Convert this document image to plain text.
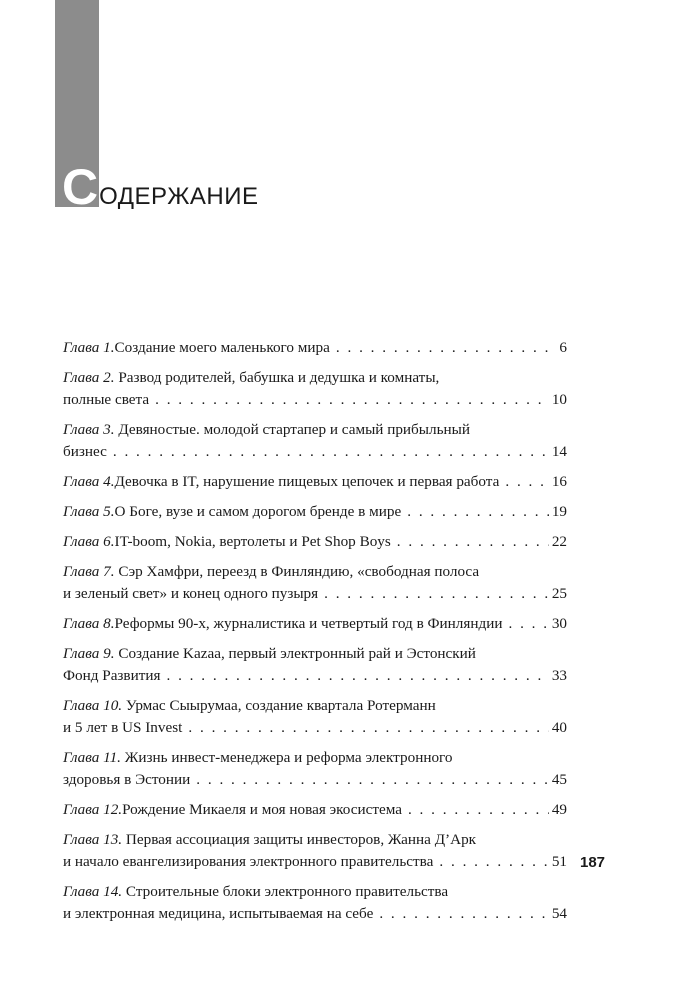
СОДЕРЖАНИЕ
Глава 1. Создание моего маленького мира . . .	6
Глава 2. Развод родителей, бабушка и дедушка и комнаты,
полные света . . .	10
Глава 3. Девяностые. молодой стартапер и самый прибыльный
бизнес . . .	14
Глава 4. Девочка в IT, нарушение пищевых цепочек и первая работа . . .	16
Глава 5. О Боге, вузе и самом дорогом бренде в мире . . .	19
Глава 6. IT-boom, Nokia, вертолеты и Pet Shop Boys . . .	22
Глава 7. Сэр Хамфри, переезд в Финляндию, «свободная полоса
и зеленый свет» и конец одного пузыря . . .	25
Глава 8. Реформы 90-х, журналистика и четвертый год в Финляндии . . .	30
Глава 9. Создание Kazaa, первый электронный рай и Эстонский
Фонд Развития . . .	33
Глава 10. Урмас Сыырумаа, создание квартала Ротерманн
и 5 лет в US Invest . . .	40
Глава 11. Жизнь инвест-менеджера и реформа электронного
здоровья в Эстонии . . .	45
Глава 12. Рождение Микаеля и моя новая экосистема . . .	49
Глава 13. Первая ассоциация защиты инвесторов, Жанна Д’Арк
и начало евангелизирования электронного правительства . . .	51
Глава 14. Строительные блоки электронного правительства
и электронная медицина, испытываемая на себе . . .	54
187
